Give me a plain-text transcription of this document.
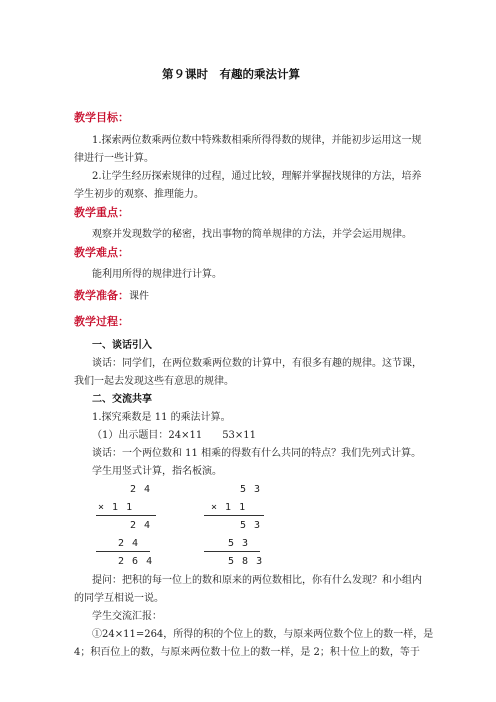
第９课时　有趣的乘法计算
教学目标：
1.探索两位数乘两位数中特殊数相乘所得得数的规律，并能初步运用这一规
律进行一些计算。
2.让学生经历探索规律的过程，通过比较，理解并掌握找规律的方法，培养
学生初步的观察、推理能力。
教学重点：
观察并发现数学的秘密，找出事物的简单规律的方法，并学会运用规律。
教学难点：
能利用所得的规律进行计算。
教学准备：课件
教学过程：
一、谈话引入
谈话：同学们，在两位数乘两位数的计算中，有很多有趣的规律。这节课，
我们一起去发现这些有意思的规律。
二、交流共享
1.探究乘数是 11 的乘法计算。
（1）出示题目：24×11　　53×11
谈话：一个两位数和 11 相乘的得数有什么共同的特点？我们先列式计算。
学生用竖式计算，指名板演。
2 4
× 1 1
2 4
2 4
2 6 4
5 3
× 1 1
5 3
5 3
5 8 3
提问：把积的每一位上的数和原来的两位数相比，你有什么发现？和小组内
的同学互相说一说。
学生交流汇报：
①24×11=264，所得的积的个位上的数，与原来两位数个位上的数一样，是
4；积百位上的数，与原来两位数十位上的数一样，是 2；积十位上的数，等于
